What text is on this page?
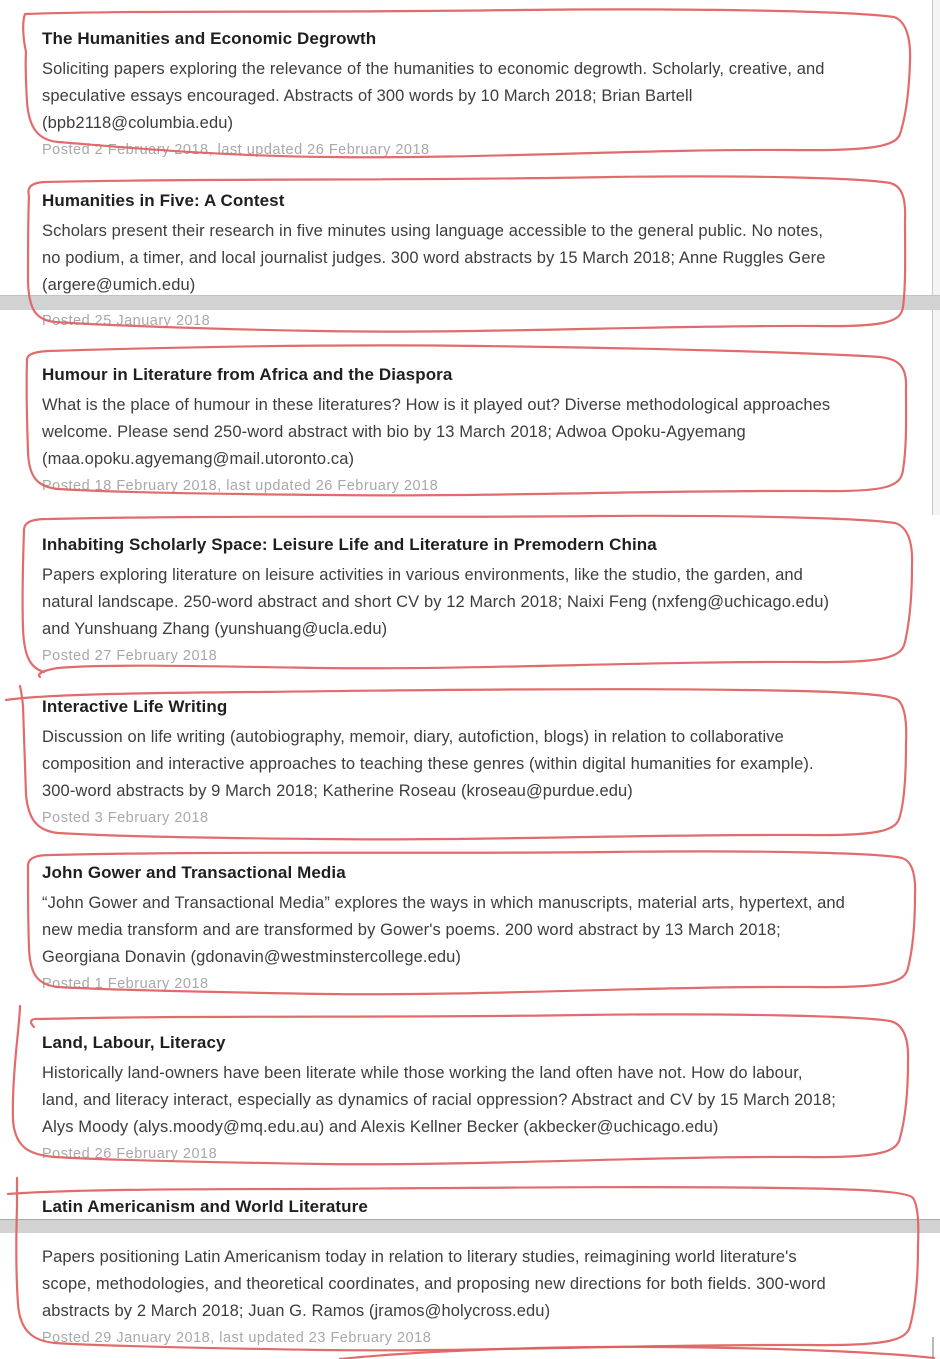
The Humanities and Economic Degrowth
Soliciting papers exploring the relevance of the humanities to economic degrowth. Scholarly, creative, and
speculative essays encouraged. Abstracts of 300 words by 10 March 2018; Brian Bartell
(bpb2118@columbia.edu)
Posted 2 February 2018, last updated 26 February 2018
Humanities in Five: A Contest
Scholars present their research in five minutes using language accessible to the general public. No notes,
no podium, a timer, and local journalist judges. 300 word abstracts by 15 March 2018; Anne Ruggles Gere
(argere@umich.edu)
Posted 25 January 2018
Humour in Literature from Africa and the Diaspora
What is the place of humour in these literatures? How is it played out? Diverse methodological approaches
welcome. Please send 250-word abstract with bio by 13 March 2018; Adwoa Opoku-Agyemang
(maa.opoku.agyemang@mail.utoronto.ca)
Posted 18 February 2018, last updated 26 February 2018
Inhabiting Scholarly Space: Leisure Life and Literature in Premodern China
Papers exploring literature on leisure activities in various environments, like the studio, the garden, and
natural landscape. 250-word abstract and short CV by 12 March 2018; Naixi Feng (nxfeng@uchicago.edu)
and Yunshuang Zhang (yunshuang@ucla.edu)
Posted 27 February 2018
Interactive Life Writing
Discussion on life writing (autobiography, memoir, diary, autofiction, blogs) in relation to collaborative
composition and interactive approaches to teaching these genres (within digital humanities for example).
300-word abstracts by 9 March 2018; Katherine Roseau (kroseau@purdue.edu)
Posted 3 February 2018
John Gower and Transactional Media
“John Gower and Transactional Media” explores the ways in which manuscripts, material arts, hypertext, and
new media transform and are transformed by Gower's poems. 200 word abstract by 13 March 2018;
Georgiana Donavin (gdonavin@westminstercollege.edu)
Posted 1 February 2018
Land, Labour, Literacy
Historically land-owners have been literate while those working the land often have not. How do labour,
land, and literacy interact, especially as dynamics of racial oppression? Abstract and CV by 15 March 2018;
Alys Moody (alys.moody@mq.edu.au) and Alexis Kellner Becker (akbecker@uchicago.edu)
Posted 26 February 2018
Latin Americanism and World Literature
Papers positioning Latin Americanism today in relation to literary studies, reimagining world literature's
scope, methodologies, and theoretical coordinates, and proposing new directions for both fields. 300-word
abstracts by 2 March 2018; Juan G. Ramos (jramos@holycross.edu)
Posted 29 January 2018, last updated 23 February 2018
